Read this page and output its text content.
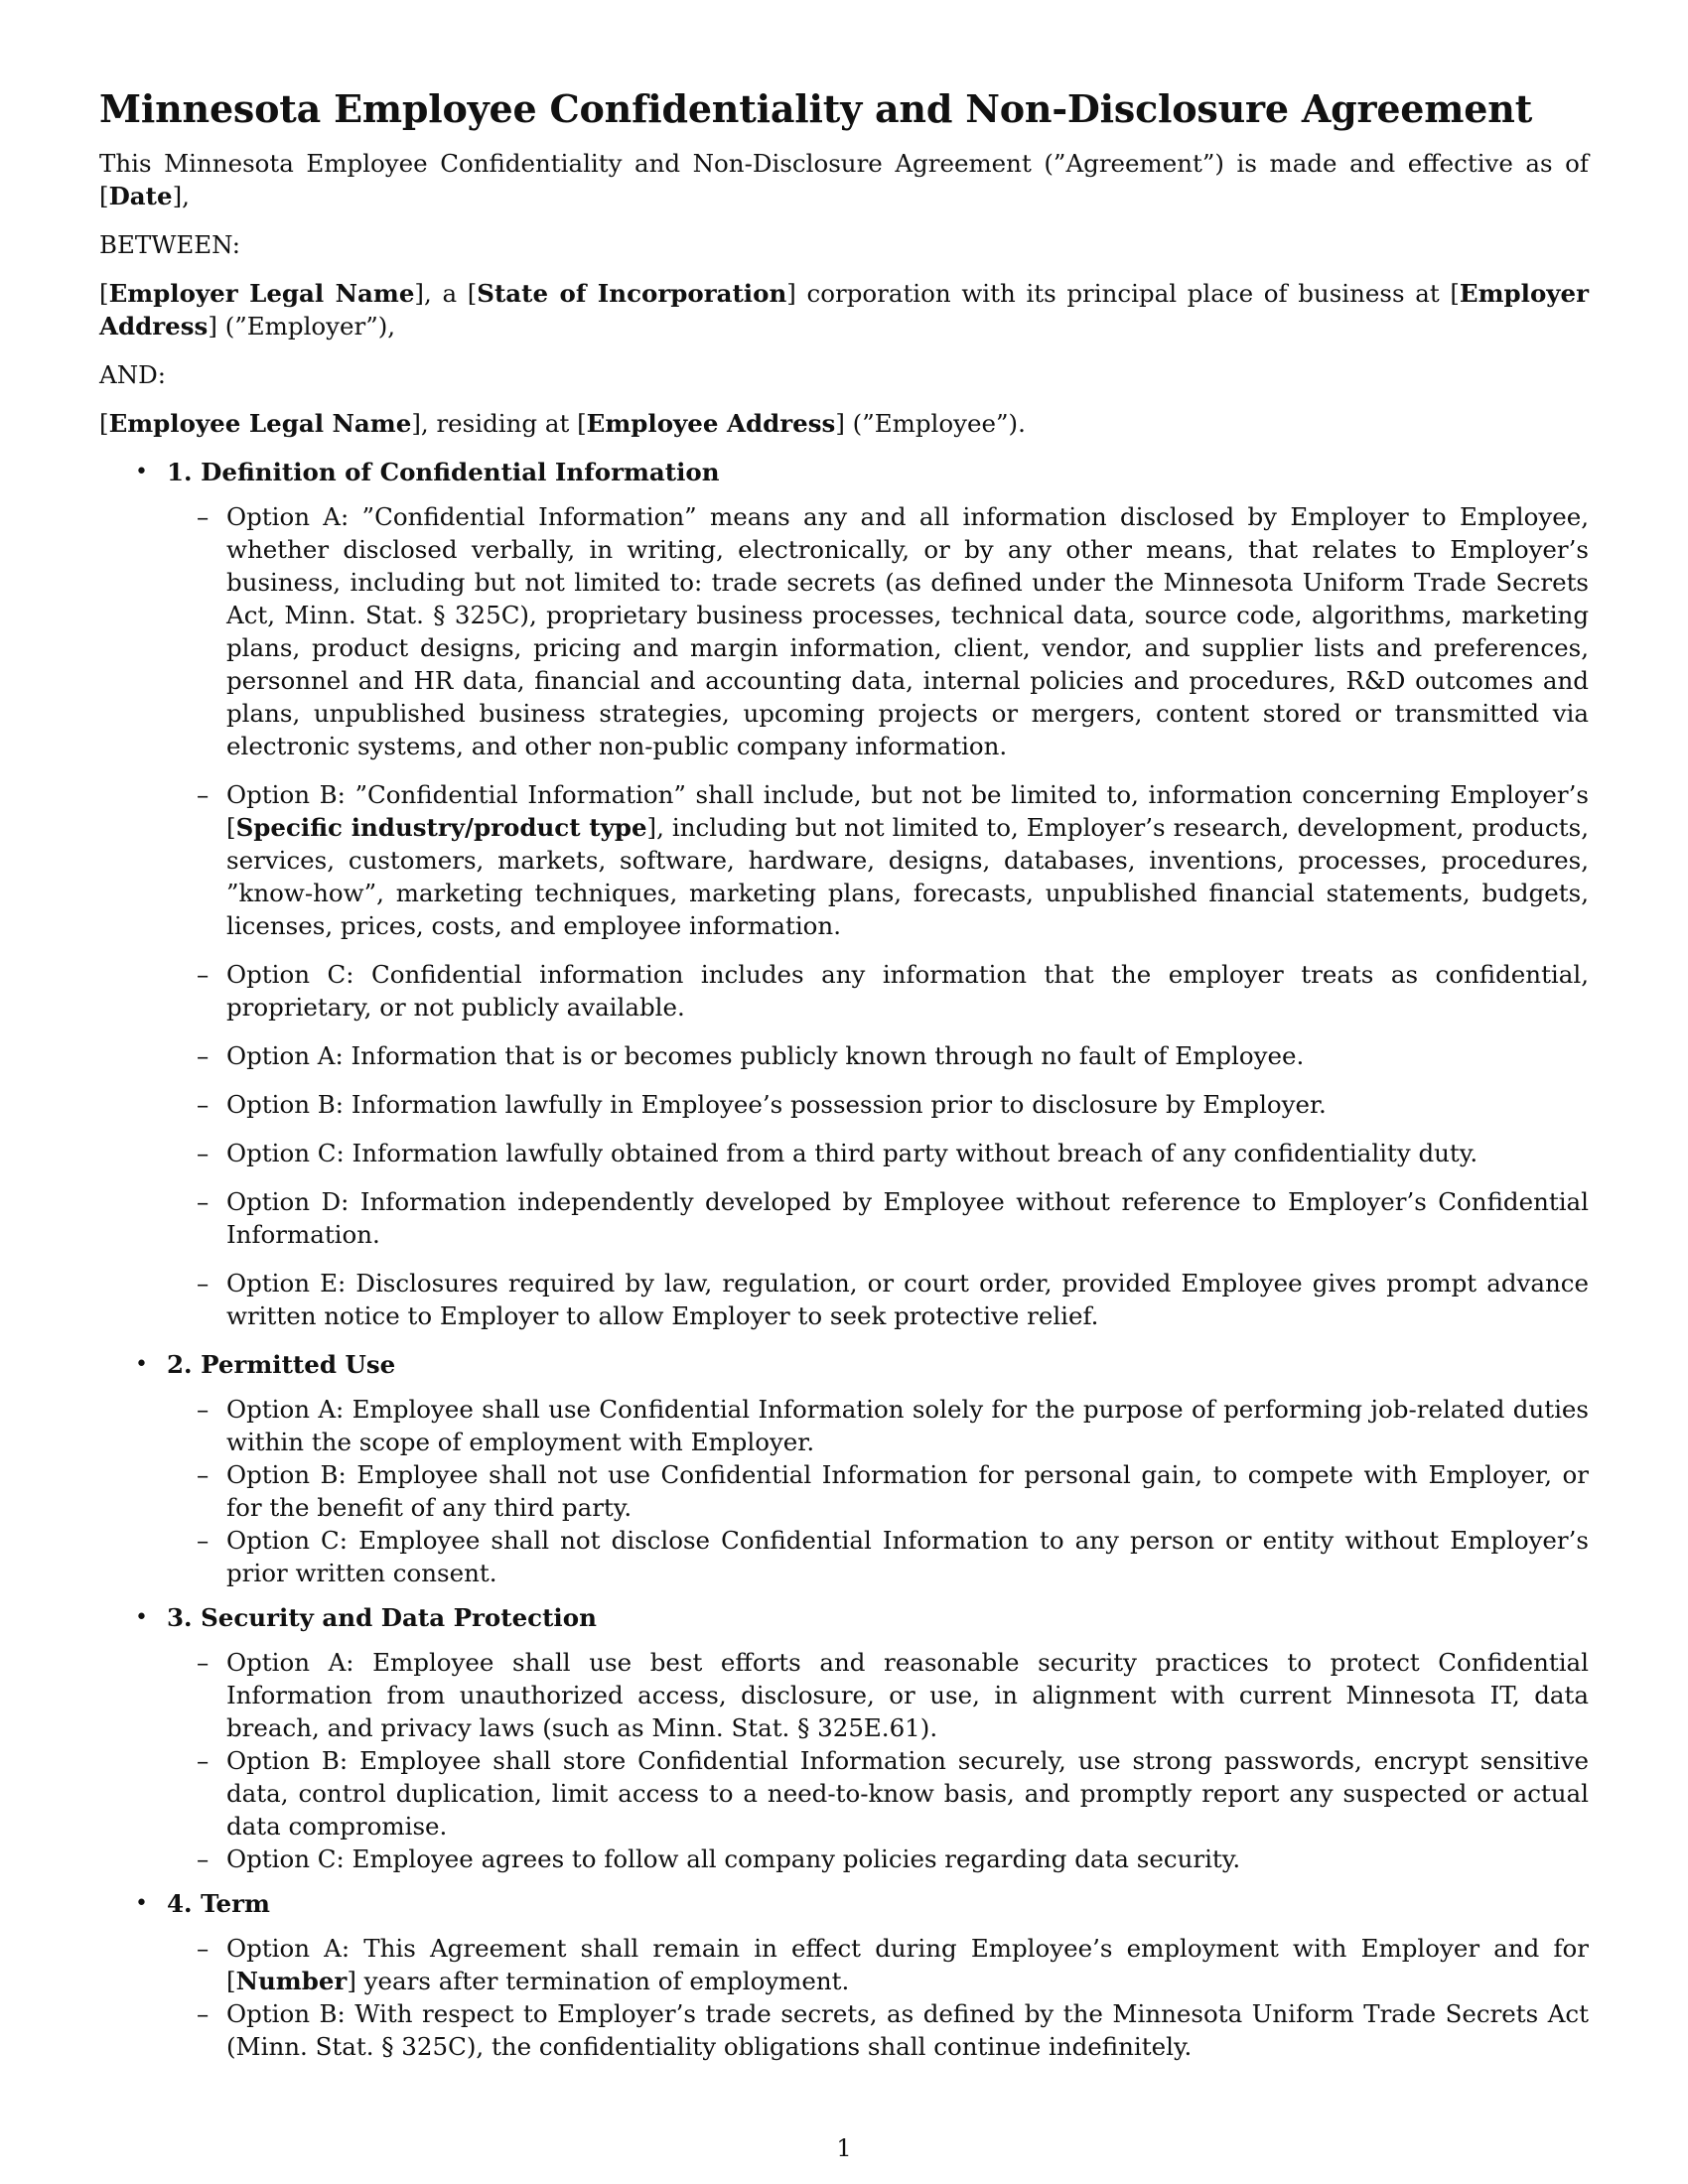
Minnesota Employee Confidentiality and Non-Disclosure Agreement

This Minnesota Employee Confidentiality and Non-Disclosure Agreement (”Agreement”) is made and effective as of [Date],

BETWEEN:

[Employer Legal Name], a [State of Incorporation] corporation with its principal place of business at [Employer Address] (”Employer”),

AND:

[Employee Legal Name], residing at [Employee Address] (”Employee”).

• 1. Definition of Confidential Information
– Option A: ”Confidential Information” means any and all information disclosed by Employer to Employee, whether disclosed verbally, in writing, electronically, or by any other means, that relates to Employer’s business, including but not limited to: trade secrets (as defined under the Minnesota Uniform Trade Secrets Act, Minn. Stat. § 325C), proprietary business processes, technical data, source code, algorithms, marketing plans, product designs, pricing and margin information, client, vendor, and supplier lists and preferences, personnel and HR data, financial and accounting data, internal policies and procedures, R&D outcomes and plans, unpublished business strategies, upcoming projects or mergers, content stored or transmitted via electronic systems, and other non-public company information.
– Option B: ”Confidential Information” shall include, but not be limited to, information concerning Employer’s [Specific industry/product type], including but not limited to, Employer’s research, development, products, services, customers, markets, software, hardware, designs, databases, inventions, processes, procedures, ”know-how”, marketing techniques, marketing plans, forecasts, unpublished financial statements, budgets, licenses, prices, costs, and employee information.
– Option C: Confidential information includes any information that the employer treats as confidential, proprietary, or not publicly available.
– Option A: Information that is or becomes publicly known through no fault of Employee.
– Option B: Information lawfully in Employee’s possession prior to disclosure by Employer.
– Option C: Information lawfully obtained from a third party without breach of any confidentiality duty.
– Option D: Information independently developed by Employee without reference to Employer’s Confidential Information.
– Option E: Disclosures required by law, regulation, or court order, provided Employee gives prompt advance written notice to Employer to allow Employer to seek protective relief.
• 2. Permitted Use
– Option A: Employee shall use Confidential Information solely for the purpose of performing job-related duties within the scope of employment with Employer.
– Option B: Employee shall not use Confidential Information for personal gain, to compete with Employer, or for the benefit of any third party.
– Option C: Employee shall not disclose Confidential Information to any person or entity without Employer’s prior written consent.
• 3. Security and Data Protection
– Option A: Employee shall use best efforts and reasonable security practices to protect Confidential Information from unauthorized access, disclosure, or use, in alignment with current Minnesota IT, data breach, and privacy laws (such as Minn. Stat. § 325E.61).
– Option B: Employee shall store Confidential Information securely, use strong passwords, encrypt sensitive data, control duplication, limit access to a need-to-know basis, and promptly report any suspected or actual data compromise.
– Option C: Employee agrees to follow all company policies regarding data security.
• 4. Term
– Option A: This Agreement shall remain in effect during Employee’s employment with Employer and for [Number] years after termination of employment.
– Option B: With respect to Employer’s trade secrets, as defined by the Minnesota Uniform Trade Secrets Act (Minn. Stat. § 325C), the confidentiality obligations shall continue indefinitely.
1
